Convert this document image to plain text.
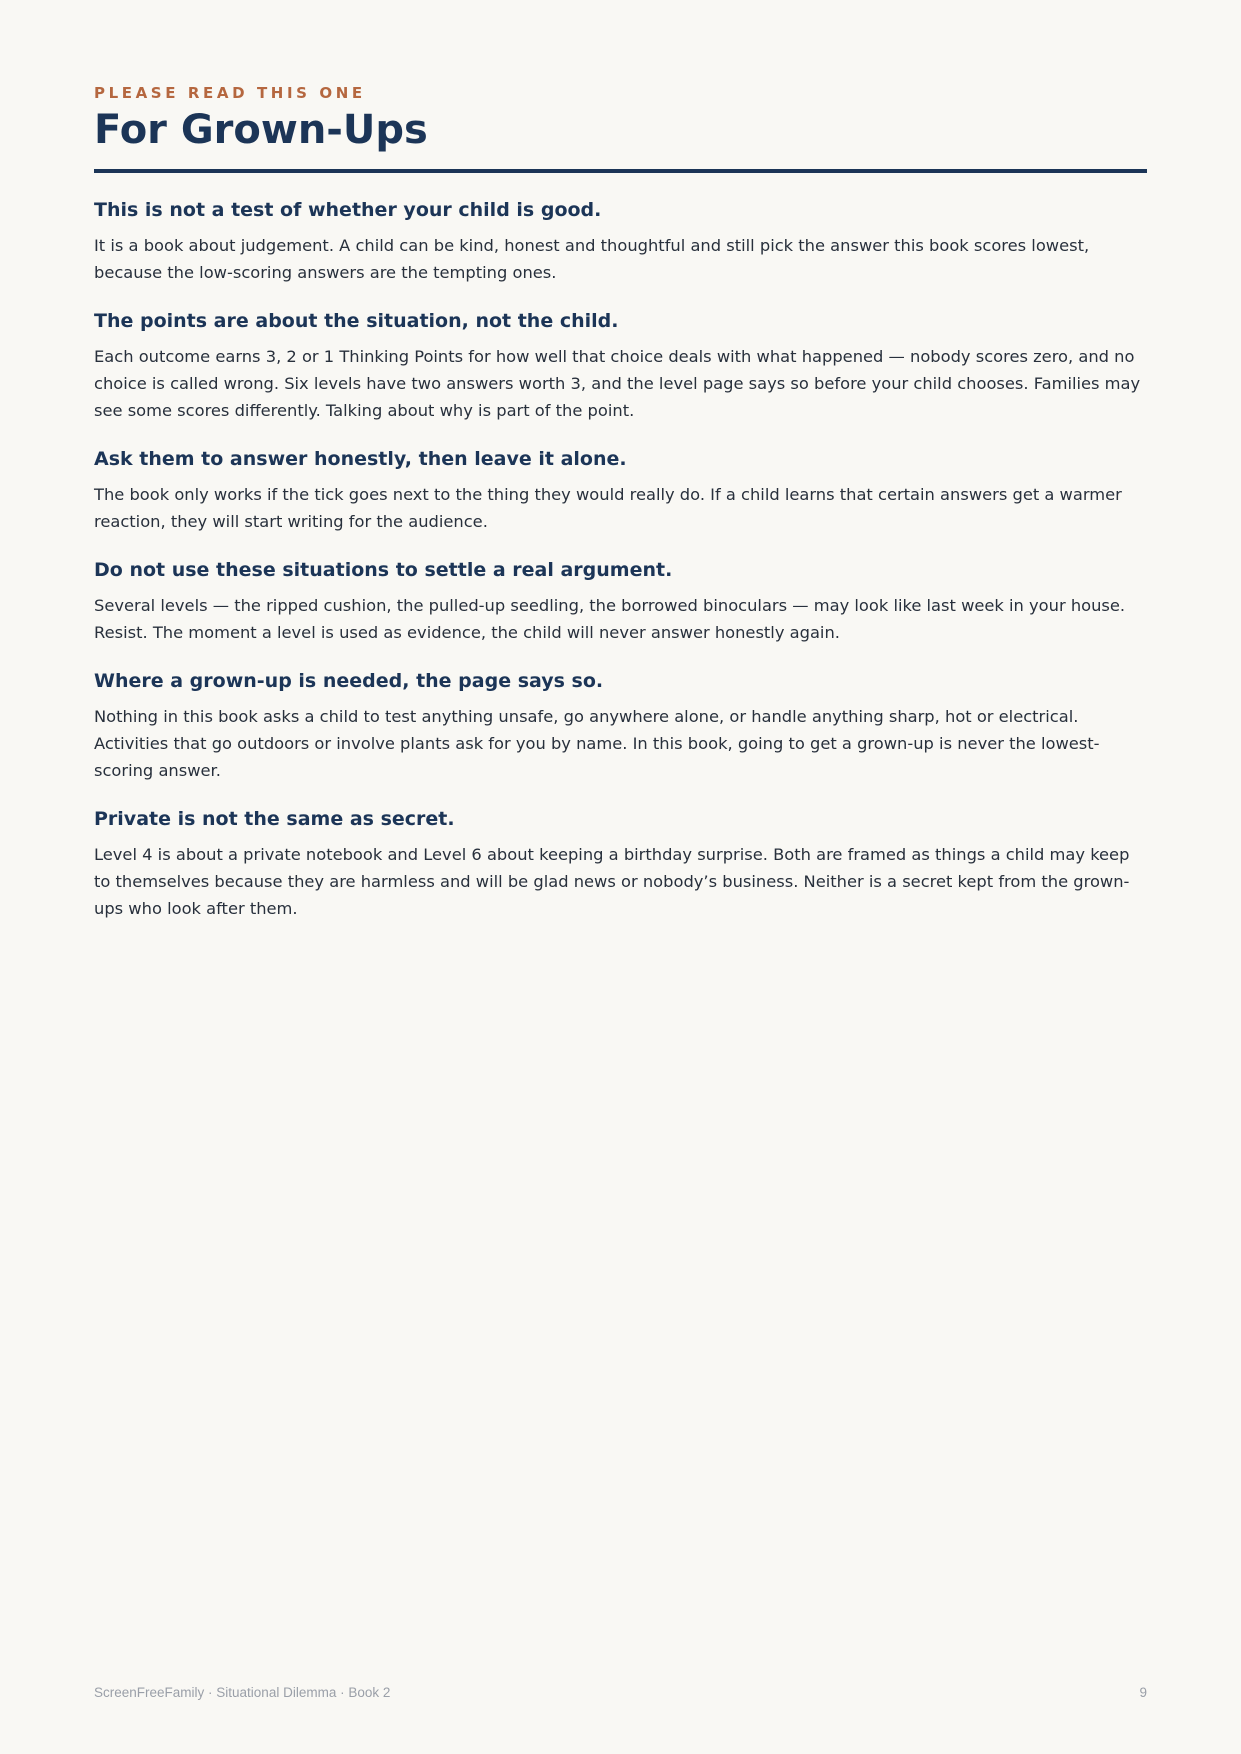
PLEASE READ THIS ONE
For Grown-Ups
This is not a test of whether your child is good.

It is a book about judgement. A child can be kind, honest and thoughtful and still pick the answer this book scores lowest, because the low-scoring answers are the tempting ones.

The points are about the situation, not the child.

Each outcome earns 3, 2 or 1 Thinking Points for how well that choice deals with what happened — nobody scores zero, and no choice is called wrong. Six levels have two answers worth 3, and the level page says so before your child chooses. Families may see some scores differently. Talking about why is part of the point.

Ask them to answer honestly, then leave it alone.

The book only works if the tick goes next to the thing they would really do. If a child learns that certain answers get a warmer reaction, they will start writing for the audience.

Do not use these situations to settle a real argument.

Several levels — the ripped cushion, the pulled-up seedling, the borrowed binoculars — may look like last week in your house. Resist. The moment a level is used as evidence, the child will never answer honestly again.

Where a grown-up is needed, the page says so.

Nothing in this book asks a child to test anything unsafe, go anywhere alone, or handle anything sharp, hot or electrical. Activities that go outdoors or involve plants ask for you by name. In this book, going to get a grown-up is never the lowest-scoring answer.

Private is not the same as secret.

Level 4 is about a private notebook and Level 6 about keeping a birthday surprise. Both are framed as things a child may keep to themselves because they are harmless and will be glad news or nobody’s business. Neither is a secret kept from the grown-ups who look after them.

ScreenFreeFamily · Situational Dilemma · Book 2	9
